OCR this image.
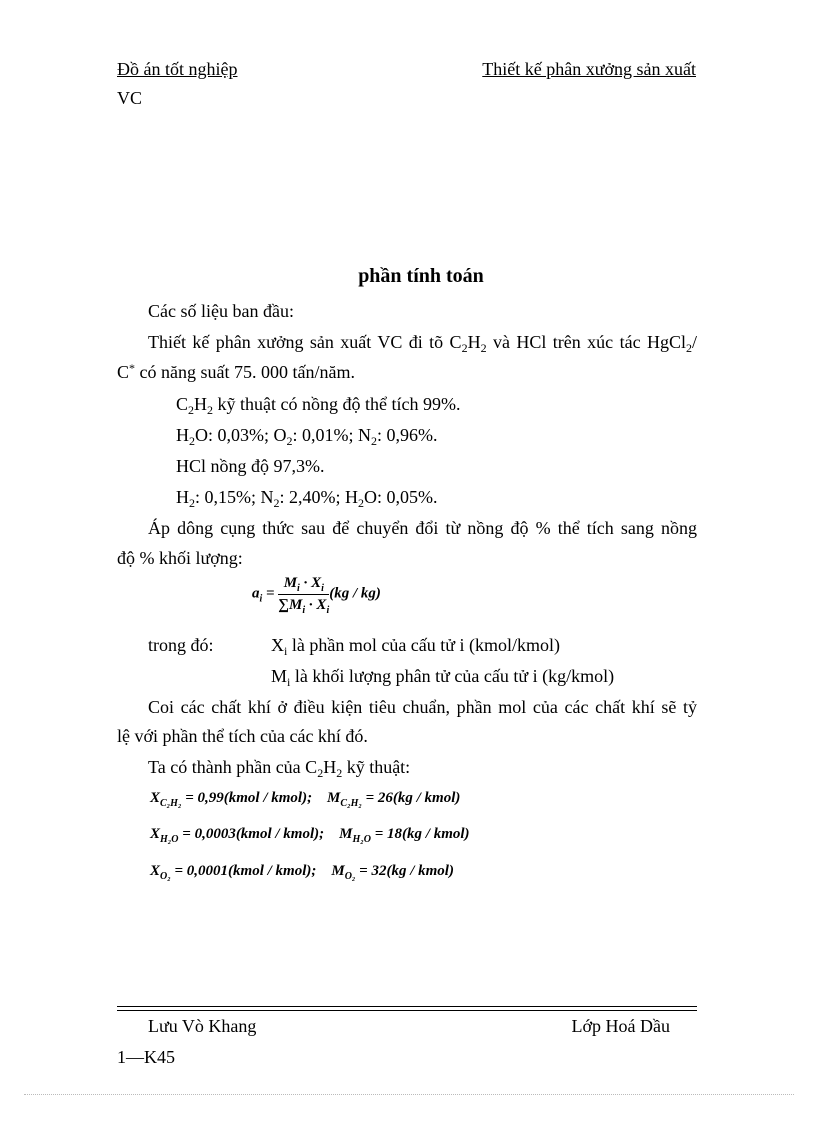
Đồ án tốt nghiệp	Thiết kế phân xưởng sản xuất
VC
phần tính toán
Các số liệu ban đầu:
Thiết kế phân xưởng sản xuất VC đi tõ $C_2H_2$ và HCl trên xúc tác HgCl$_2$/
C* có năng suất 75. 000 tấn/năm.
$C_2H_2$ kỹ thuật có nồng độ thể tích 99%.
$H_2O$: 0,03%; $O_2$: 0,01%; $N_2$: 0,96%.
HCl nồng độ 97,3%.
$H_2$: 0,15%; $N_2$: 2,40%; $H_2O$: 0,05%.
Áp dông cụng thức sau để chuyển đổi từ nồng độ % thể tích sang nồng
độ % khối lượng:
$a_i = \frac{M_i \cdot X_i}{\sum M_i \cdot X_i} (kg / kg)$
trong đó:	$X_i$ là phần mol của cấu tử i (kmol/kmol)
$M_i$ là khối lượng phân tử của cấu tử i (kg/kmol)
Coi các chất khí ở điều kiện tiêu chuẩn, phần mol của các chất khí sẽ tỷ
lệ với phần thể tích của các khí đó.
Ta có thành phần của $C_2H_2$ kỹ thuật:
$X_{C_2H_2}$ = 0,99(kmol / kmol);    $M_{C_2H_2} = 26(kg$ / kmol)
$X_{H_2O}$ = 0,0003(kmol / kmol);    $M_{H_2O} = 18(kg$ / kmol)
$X_{O_2}$ = 0,0001(kmol / kmol);    $M_{O_2} = 32(kg$ / kmol)
Lưu Vò Khang	Lớp Hoá Dầu
1—K45
